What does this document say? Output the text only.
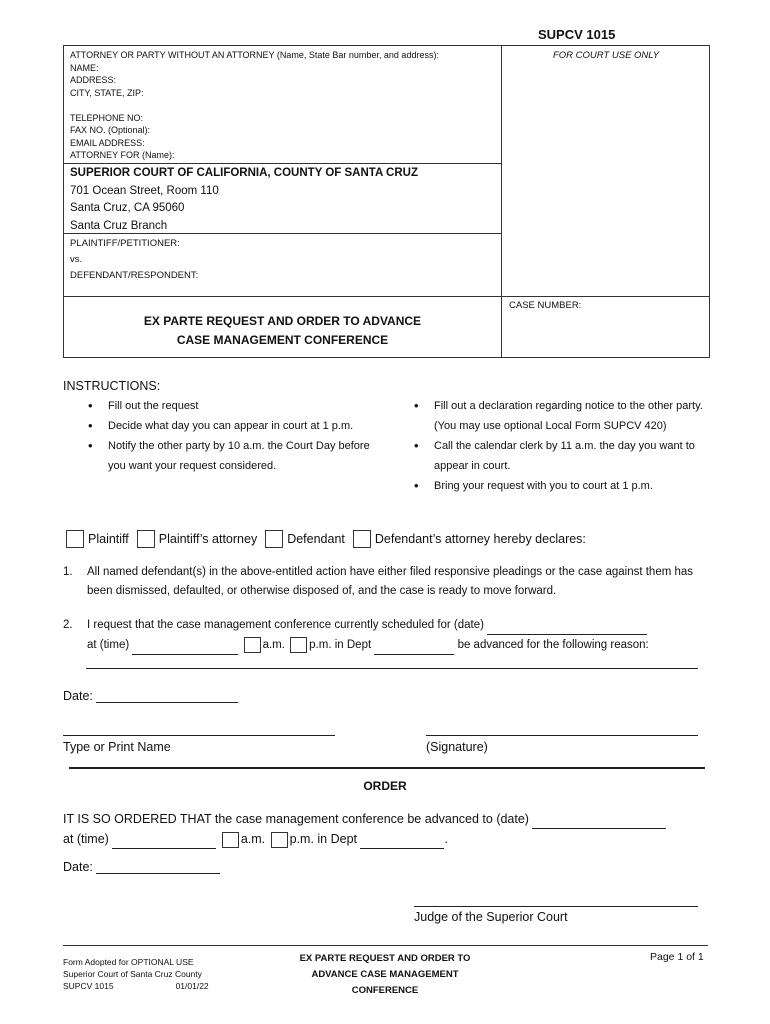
SUPCV 1015
ATTORNEY OR PARTY WITHOUT AN ATTORNEY (Name, State Bar number, and address):
NAME:
ADDRESS:
CITY, STATE, ZIP:
TELEPHONE NO:
FAX NO. (Optional):
EMAIL ADDRESS:
ATTORNEY FOR (Name):
FOR COURT USE ONLY
SUPERIOR COURT OF CALIFORNIA, COUNTY OF SANTA CRUZ
701 Ocean Street, Room 110
Santa Cruz, CA 95060
Santa Cruz Branch
PLAINTIFF/PETITIONER:
vs.
DEFENDANT/RESPONDENT:
CASE NUMBER:
EX PARTE REQUEST AND ORDER TO ADVANCE
CASE MANAGEMENT CONFERENCE
INSTRUCTIONS:
• Fill out the request
• Decide what day you can appear in court at 1 p.m.
• Notify the other party by 10 a.m. the Court Day before you want your request considered.
• Fill out a declaration regarding notice to the other party. (You may use optional Local Form SUPCV 420)
• Call the calendar clerk by 11 a.m. the day you want to appear in court.
• Bring your request with you to court at 1 p.m.
Plaintiff Plaintiff’s attorney Defendant Defendant’s attorney hereby declares:
1. All named defendant(s) in the above-entitled action have either filed responsive pleadings or the case against them has been dismissed, defaulted, or otherwise disposed of, and the case is ready to move forward.
2. I request that the case management conference currently scheduled for (date)
at (time)	a.m. p.m. in Dept	be advanced for the following reason:
Date:
Type or Print Name	(Signature)
ORDER
IT IS SO ORDERED THAT the case management conference be advanced to (date)
at (time)	a.m. p.m. in Dept	.
Date:
Judge of the Superior Court
Form Adopted for OPTIONAL USE
Superior Court of Santa Cruz County
SUPCV 1015	01/01/22
EX PARTE REQUEST AND ORDER TO
ADVANCE CASE MANAGEMENT
CONFERENCE
Page 1 of 1
